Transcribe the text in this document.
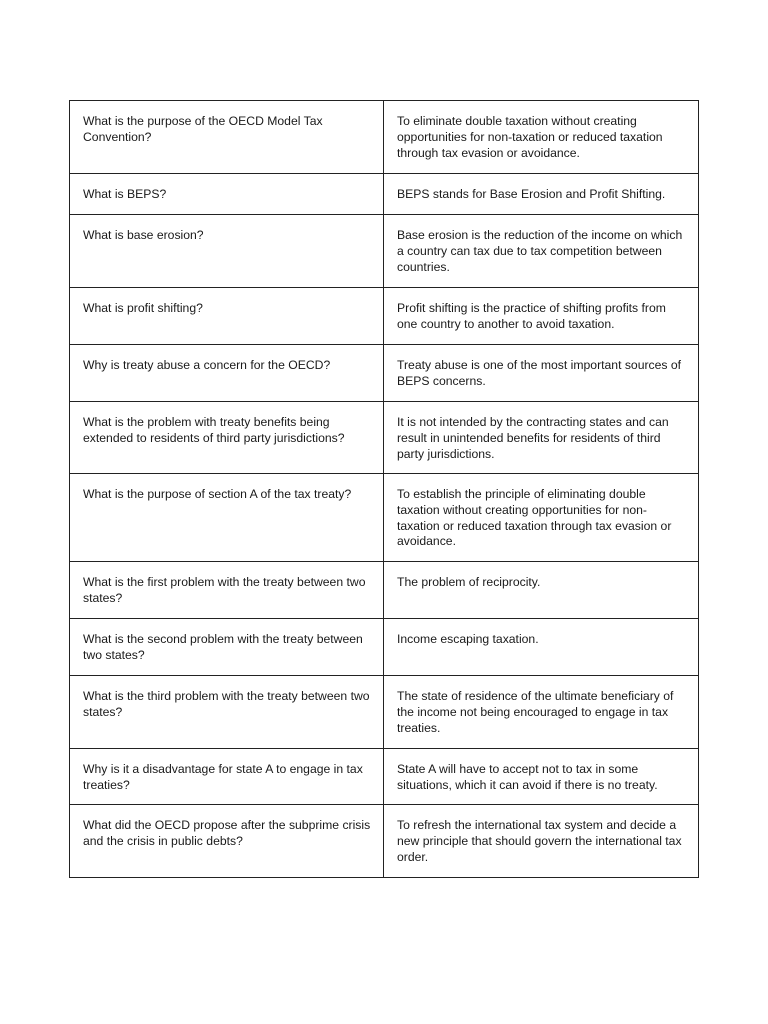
What is the purpose of the OECD Model Tax Convention?	To eliminate double taxation without creating opportunities for non-taxation or reduced taxation through tax evasion or avoidance.
What is BEPS?	BEPS stands for Base Erosion and Profit Shifting.
What is base erosion?	Base erosion is the reduction of the income on which a country can tax due to tax competition between countries.
What is profit shifting?	Profit shifting is the practice of shifting profits from one country to another to avoid taxation.
Why is treaty abuse a concern for the OECD?	Treaty abuse is one of the most important sources of BEPS concerns.
What is the problem with treaty benefits being extended to residents of third party jurisdictions?	It is not intended by the contracting states and can result in unintended benefits for residents of third party jurisdictions.
What is the purpose of section A of the tax treaty?	To establish the principle of eliminating double taxation without creating opportunities for non-taxation or reduced taxation through tax evasion or avoidance.
What is the first problem with the treaty between two states?	The problem of reciprocity.
What is the second problem with the treaty between two states?	Income escaping taxation.
What is the third problem with the treaty between two states?	The state of residence of the ultimate beneficiary of the income not being encouraged to engage in tax treaties.
Why is it a disadvantage for state A to engage in tax treaties?	State A will have to accept not to tax in some situations, which it can avoid if there is no treaty.
What did the OECD propose after the subprime crisis and the crisis in public debts?	To refresh the international tax system and decide a new principle that should govern the international tax order.
